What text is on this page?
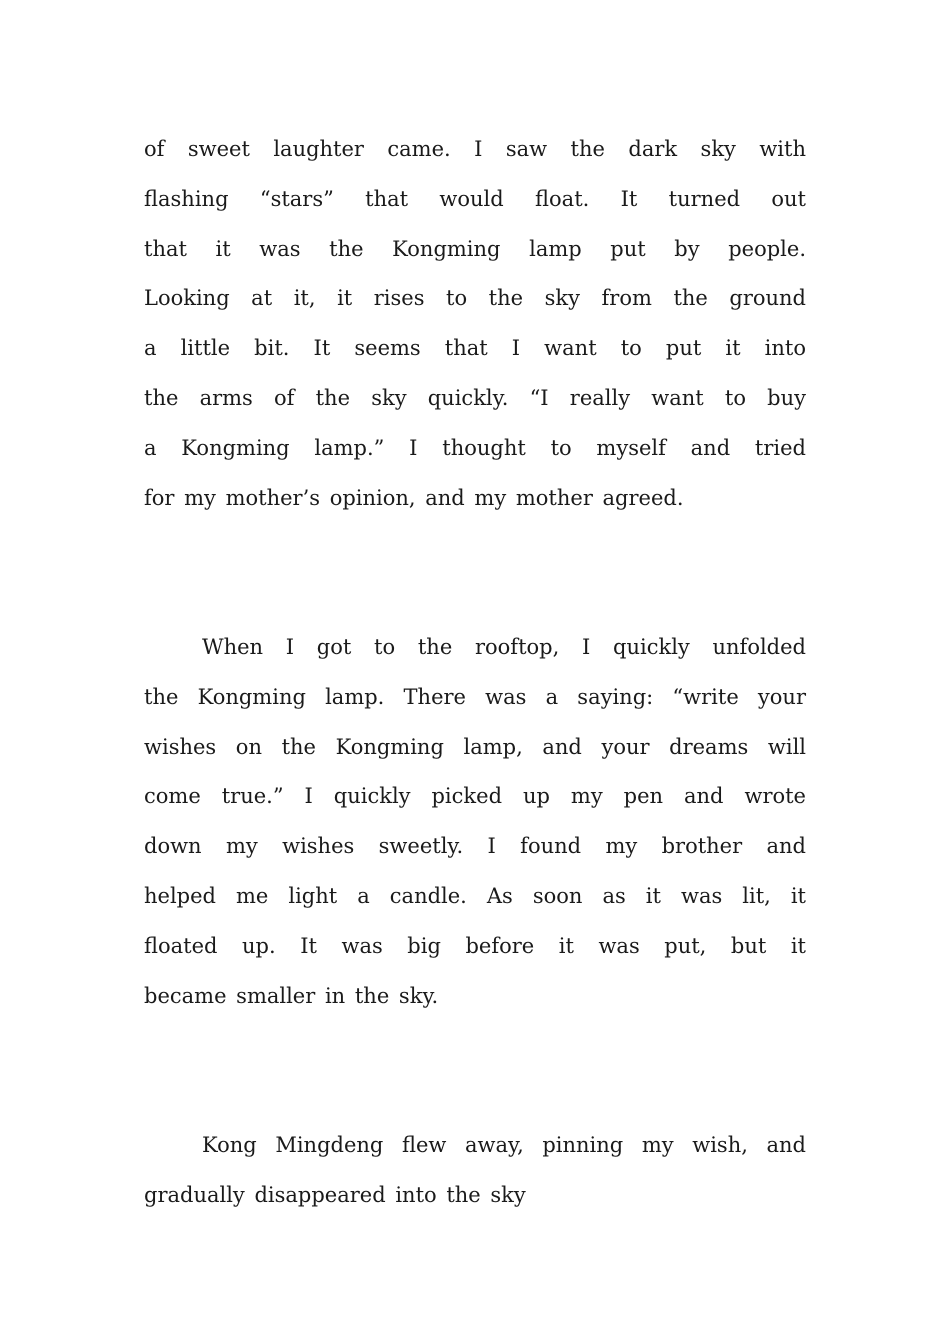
of sweet laughter came. I saw the dark sky with
flashing “stars” that would float. It turned out
that it was the Kongming lamp put by people.
Looking at it, it rises to the sky from the ground
a little bit. It seems that I want to put it into
the arms of the sky quickly. “I really want to buy
a Kongming lamp.” I thought to myself and tried
for my mother’s opinion, and my mother agreed.
When I got to the rooftop, I quickly unfolded
the Kongming lamp. There was a saying: “write your
wishes on the Kongming lamp, and your dreams will
come true.” I quickly picked up my pen and wrote
down my wishes sweetly. I found my brother and
helped me light a candle. As soon as it was lit, it
floated up. It was big before it was put, but it
became smaller in the sky.
Kong Mingdeng flew away, pinning my wish, and
gradually disappeared into the sky
